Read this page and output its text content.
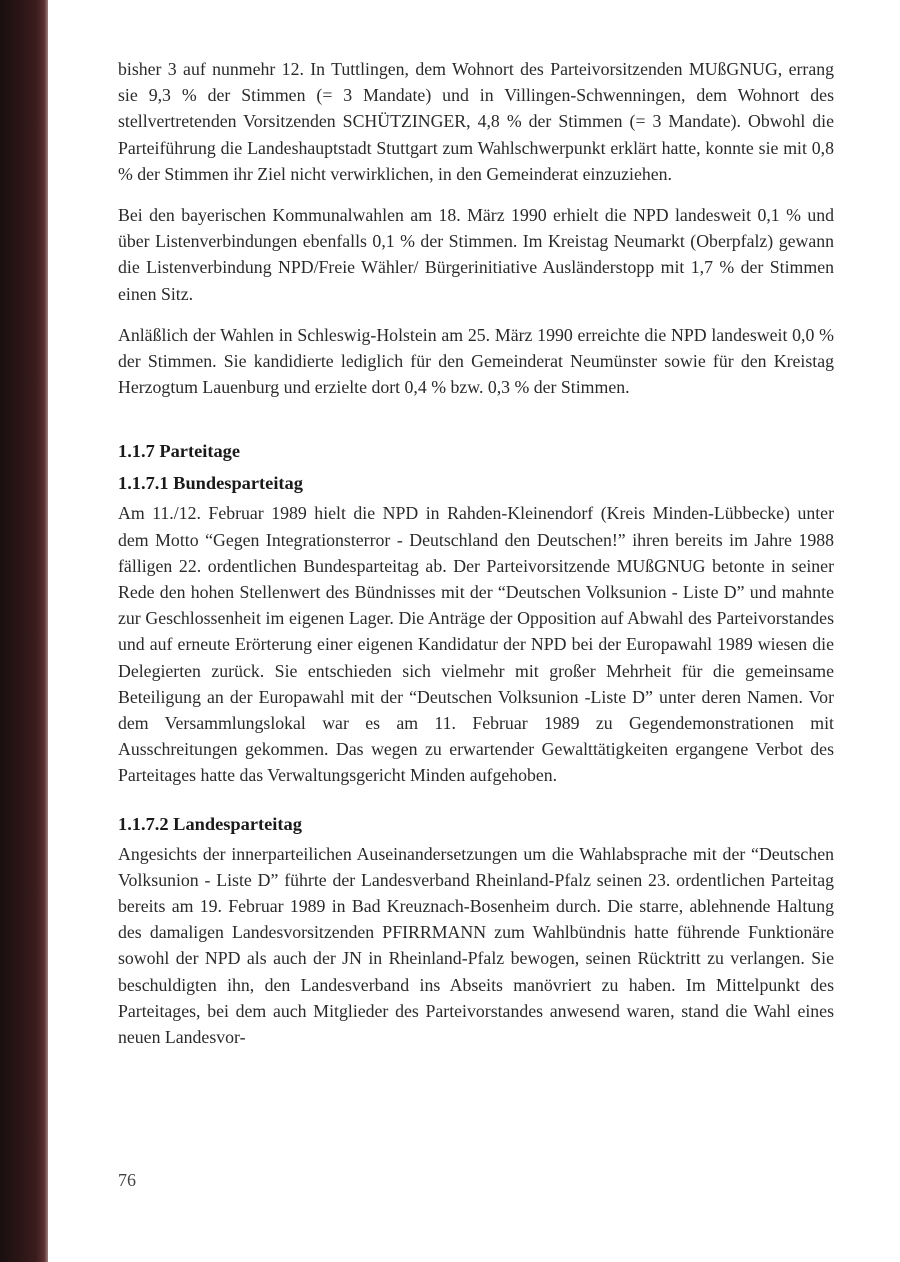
bisher 3 auf nunmehr 12. In Tuttlingen, dem Wohnort des Parteivorsitzenden MUßGNUG, errang sie 9,3 % der Stimmen (= 3 Mandate) und in Villingen-Schwenningen, dem Wohnort des stellvertretenden Vorsitzenden SCHÜTZINGER, 4,8 % der Stimmen (= 3 Mandate). Obwohl die Parteiführung die Landeshauptstadt Stuttgart zum Wahlschwerpunkt erklärt hatte, konnte sie mit 0,8 % der Stimmen ihr Ziel nicht verwirklichen, in den Gemeinderat einzuziehen.

Bei den bayerischen Kommunalwahlen am 18. März 1990 erhielt die NPD landesweit 0,1 % und über Listenverbindungen ebenfalls 0,1 % der Stimmen. Im Kreistag Neumarkt (Oberpfalz) gewann die Listenverbindung NPD/Freie Wähler/ Bürgerinitiative Ausländerstopp mit 1,7 % der Stimmen einen Sitz.

Anläßlich der Wahlen in Schleswig-Holstein am 25. März 1990 erreichte die NPD landesweit 0,0 % der Stimmen. Sie kandidierte lediglich für den Gemeinderat Neumünster sowie für den Kreistag Herzogtum Lauenburg und erzielte dort 0,4 % bzw. 0,3 % der Stimmen.

1.1.7 Parteitage
1.1.7.1 Bundesparteitag

Am 11./12. Februar 1989 hielt die NPD in Rahden-Kleinendorf (Kreis Minden-Lübbecke) unter dem Motto “Gegen Integrationsterror - Deutschland den Deutschen!” ihren bereits im Jahre 1988 fälligen 22. ordentlichen Bundesparteitag ab. Der Parteivorsitzende MUßGNUG betonte in seiner Rede den hohen Stellenwert des Bündnisses mit der “Deutschen Volksunion - Liste D” und mahnte zur Geschlossenheit im eigenen Lager. Die Anträge der Opposition auf Abwahl des Parteivorstandes und auf erneute Erörterung einer eigenen Kandidatur der NPD bei der Europawahl 1989 wiesen die Delegierten zurück. Sie entschieden sich vielmehr mit großer Mehrheit für die gemeinsame Beteiligung an der Europawahl mit der “Deutschen Volksunion -Liste D” unter deren Namen. Vor dem Versammlungslokal war es am 11. Februar 1989 zu Gegendemonstrationen mit Ausschreitungen gekommen. Das wegen zu erwartender Gewalttätigkeiten ergangene Verbot des Parteitages hatte das Verwaltungsgericht Minden aufgehoben.

1.1.7.2 Landesparteitag

Angesichts der innerparteilichen Auseinandersetzungen um die Wahlabsprache mit der “Deutschen Volksunion - Liste D” führte der Landesverband Rheinland-Pfalz seinen 23. ordentlichen Parteitag bereits am 19. Februar 1989 in Bad Kreuznach-Bosenheim durch. Die starre, ablehnende Haltung des damaligen Landesvorsitzenden PFIRRMANN zum Wahlbündnis hatte führende Funktionäre sowohl der NPD als auch der JN in Rheinland-Pfalz bewogen, seinen Rücktritt zu verlangen. Sie beschuldigten ihn, den Landesverband ins Abseits manövriert zu haben. Im Mittelpunkt des Parteitages, bei dem auch Mitglieder des Parteivorstandes anwesend waren, stand die Wahl eines neuen Landesvor-

76
